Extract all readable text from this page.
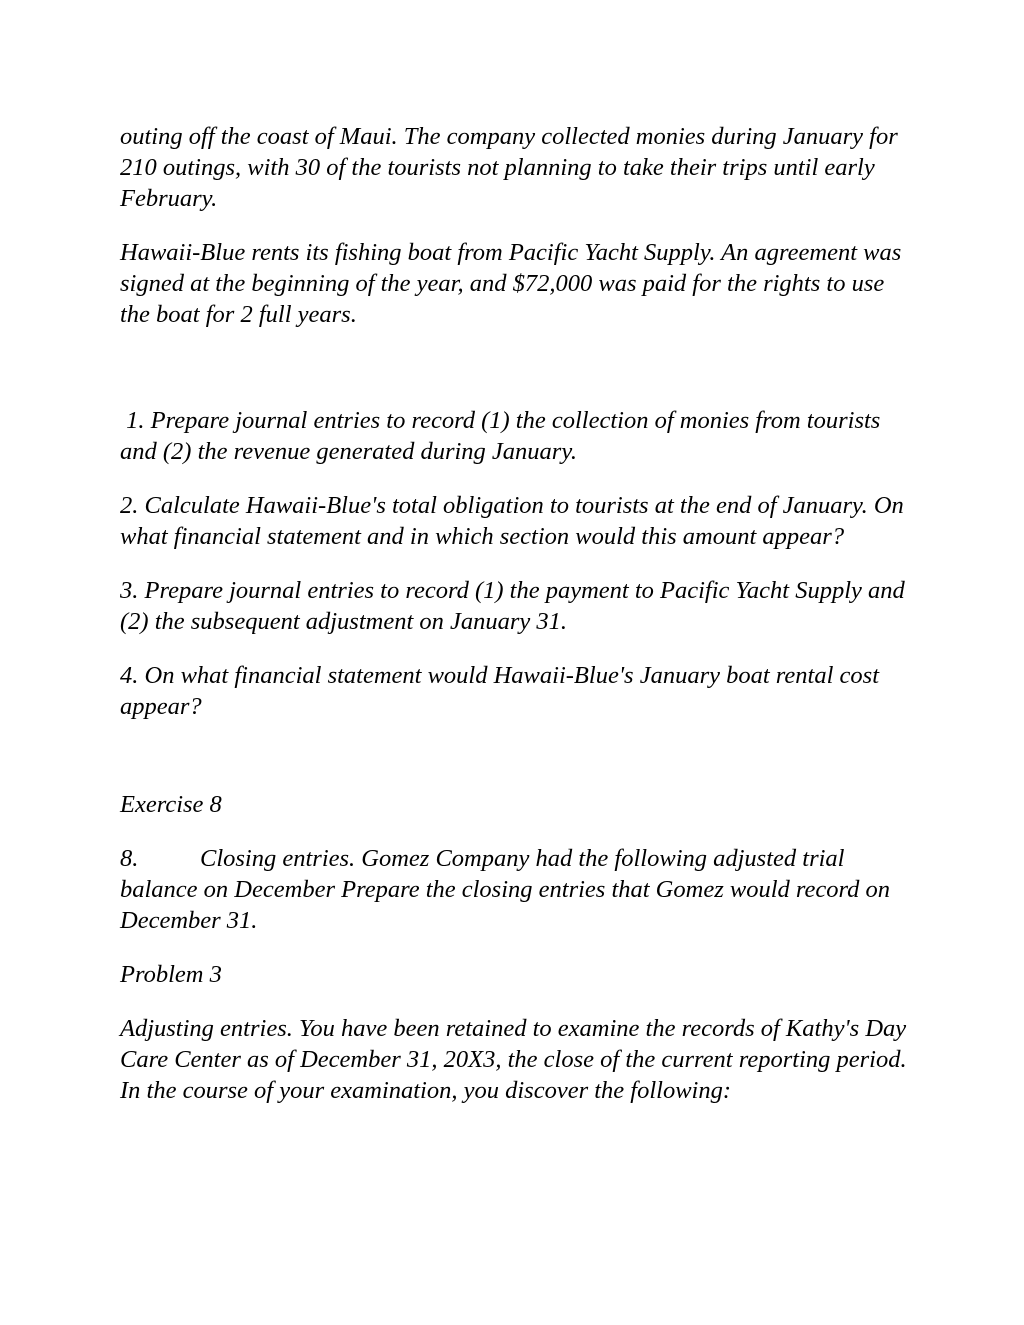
outing off the coast of Maui. The company collected monies during January for 210 outings, with 30 of the tourists not planning to take their trips until early February.

Hawaii-Blue rents its fishing boat from Pacific Yacht Supply. An agreement was signed at the beginning of the year, and $72,000 was paid for the rights to use the boat for 2 full years.

1. Prepare journal entries to record (1) the collection of monies from tourists and (2) the revenue generated during January.

2. Calculate Hawaii-Blue's total obligation to tourists at the end of January. On what financial statement and in which section would this amount appear?

3. Prepare journal entries to record (1) the payment to Pacific Yacht Supply and (2) the subsequent adjustment on January 31.

4. On what financial statement would Hawaii-Blue's January boat rental cost appear?

Exercise 8

8.	Closing entries. Gomez Company had the following adjusted trial balance on December Prepare the closing entries that Gomez would record on December 31.

Problem 3

Adjusting entries. You have been retained to examine the records of Kathy's Day Care Center as of December 31, 20X3, the close of the current reporting period. In the course of your examination, you discover the following:
